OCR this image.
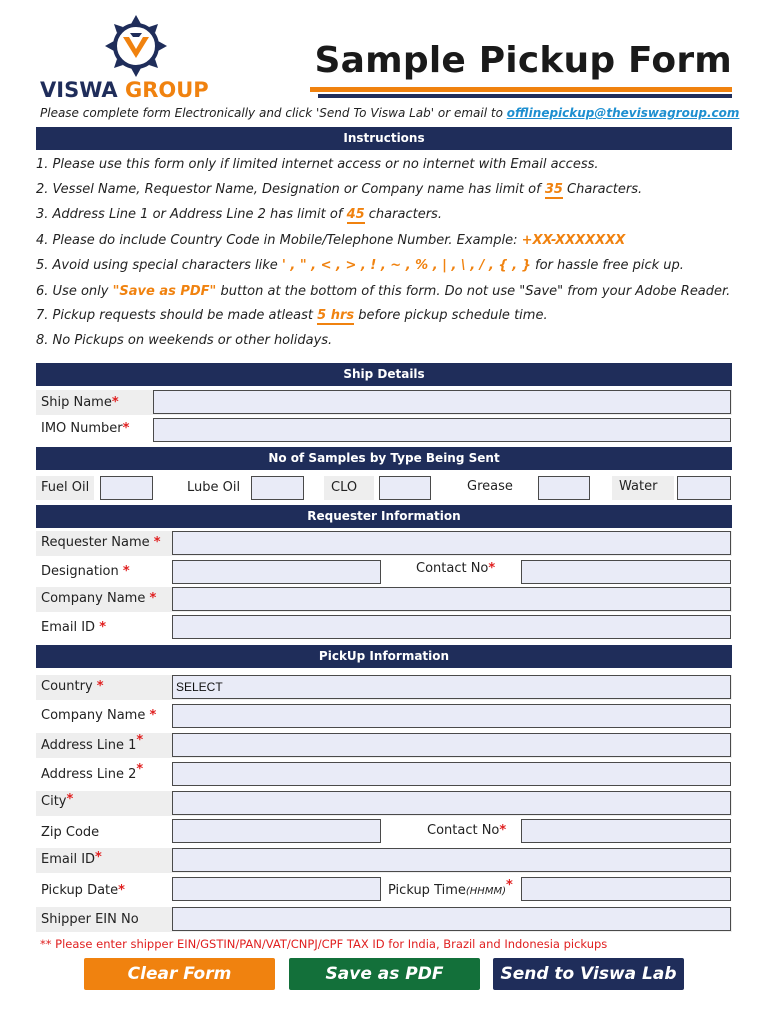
VISWA GROUP
Sample Pickup Form
Please complete form Electronically and click 'Send To Viswa Lab' or email to offlinepickup@theviswagroup.com
Instructions
1. Please use this form only if limited internet access or no internet with Email access.
2. Vessel Name, Requestor Name, Designation or Company name has limit of 35 Characters.
3. Address Line 1 or Address Line 2 has limit of 45 characters.
4. Please do include Country Code in Mobile/Telephone Number. Example: +XX-XXXXXXX
5. Avoid using special characters like ' , " , < , > , ! , ~ , % , | , \ , / , { , } for hassle free pick up.
6. Use only "Save as PDF" button at the bottom of this form. Do not use "Save" from your Adobe Reader.
7. Pickup requests should be made atleast 5 hrs before pickup schedule time.
8. No Pickups on weekends or other holidays.
Ship Details
Ship Name*
IMO Number*
No of Samples by Type Being Sent
Fuel Oil	Lube Oil	CLO	Grease	Water
Requester Information
Requester Name *
Designation *	Contact No*
Company Name *
Email ID *
PickUp Information
Country *	SELECT
Company Name *
Address Line 1*
Address Line 2*
City*
Zip Code	Contact No*
Email ID*
Pickup Date*	Pickup Time(HHMM)*
Shipper EIN No
** Please enter shipper EIN/GSTIN/PAN/VAT/CNPJ/CPF TAX ID for India, Brazil and Indonesia pickups
Clear Form	Save as PDF	Send to Viswa Lab
